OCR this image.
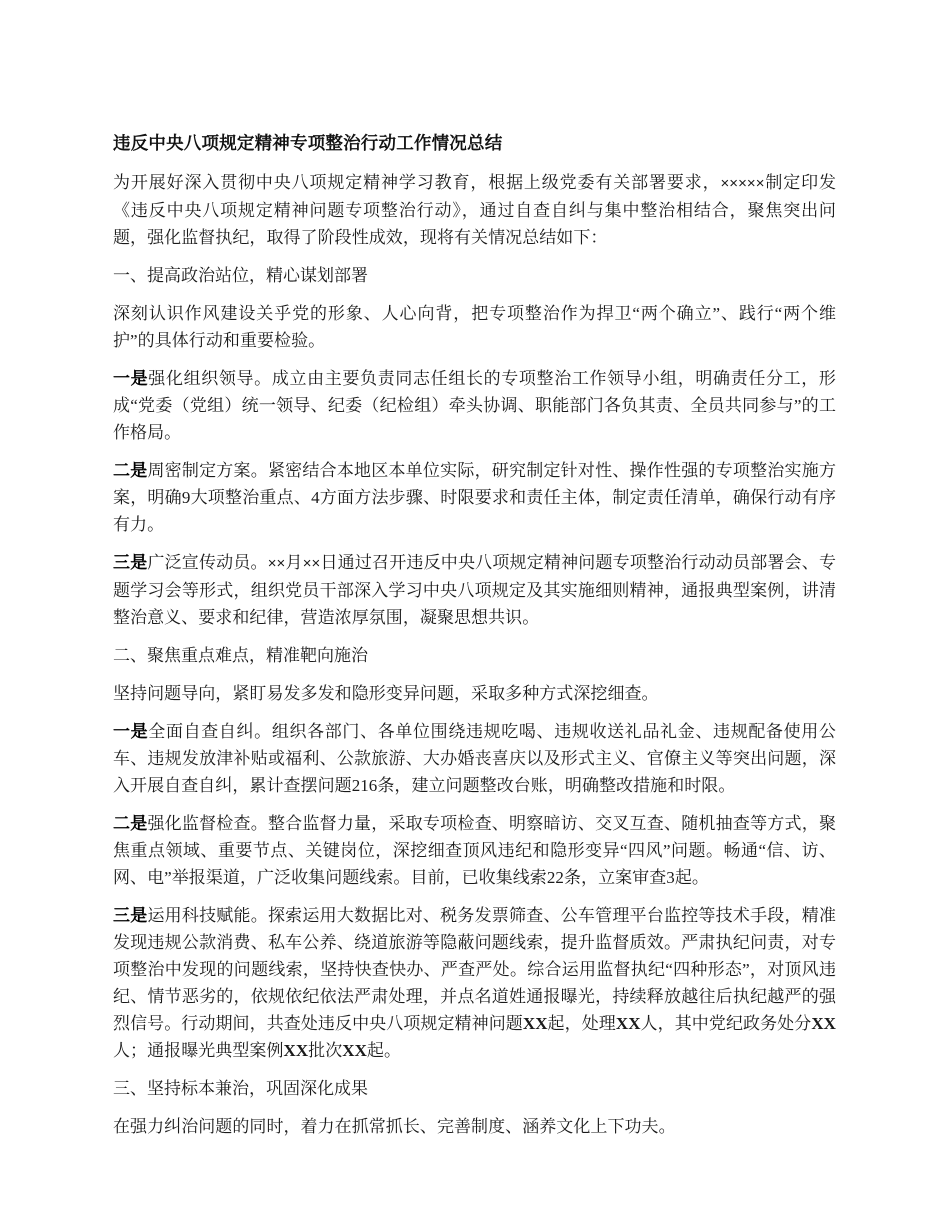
违反中央八项规定精神专项整治行动工作情况总结

为开展好深入贯彻中央八项规定精神学习教育，根据上级党委有关部署要求，×××××制定印发《违反中央八项规定精神问题专项整治行动》，通过自查自纠与集中整治相结合，聚焦突出问题，强化监督执纪，取得了阶段性成效，现将有关情况总结如下：

一、提高政治站位，精心谋划部署

深刻认识作风建设关乎党的形象、人心向背，把专项整治作为捍卫“两个确立”、践行“两个维护”的具体行动和重要检验。

一是强化组织领导。成立由主要负责同志任组长的专项整治工作领导小组，明确责任分工，形成“党委（党组）统一领导、纪委（纪检组）牵头协调、职能部门各负其责、全员共同参与”的工作格局。

二是周密制定方案。紧密结合本地区本单位实际，研究制定针对性、操作性强的专项整治实施方案，明确9大项整治重点、4方面方法步骤、时限要求和责任主体，制定责任清单，确保行动有序有力。

三是广泛宣传动员。××月××日通过召开违反中央八项规定精神问题专项整治行动动员部署会、专题学习会等形式，组织党员干部深入学习中央八项规定及其实施细则精神，通报典型案例，讲清整治意义、要求和纪律，营造浓厚氛围，凝聚思想共识。

二、聚焦重点难点，精准靶向施治

坚持问题导向，紧盯易发多发和隐形变异问题，采取多种方式深挖细查。

一是全面自查自纠。组织各部门、各单位围绕违规吃喝、违规收送礼品礼金、违规配备使用公车、违规发放津补贴或福利、公款旅游、大办婚丧喜庆以及形式主义、官僚主义等突出问题，深入开展自查自纠，累计查摆问题216条，建立问题整改台账，明确整改措施和时限。

二是强化监督检查。整合监督力量，采取专项检查、明察暗访、交叉互查、随机抽查等方式，聚焦重点领域、重要节点、关键岗位，深挖细查顶风违纪和隐形变异“四风”问题。畅通“信、访、网、电”举报渠道，广泛收集问题线索。目前，已收集线索22条，立案审查3起。

三是运用科技赋能。探索运用大数据比对、税务发票筛查、公车管理平台监控等技术手段，精准发现违规公款消费、私车公养、绕道旅游等隐蔽问题线索，提升监督质效。严肃执纪问责，对专项整治中发现的问题线索，坚持快查快办、严查严处。综合运用监督执纪“四种形态”，对顶风违纪、情节恶劣的，依规依纪依法严肃处理，并点名道姓通报曝光，持续释放越往后执纪越严的强烈信号。行动期间，共查处违反中央八项规定精神问题XX起，处理XX人，其中党纪政务处分XX人；通报曝光典型案例XX批次XX起。

三、坚持标本兼治，巩固深化成果

在强力纠治问题的同时，着力在抓常抓长、完善制度、涵养文化上下功夫。
